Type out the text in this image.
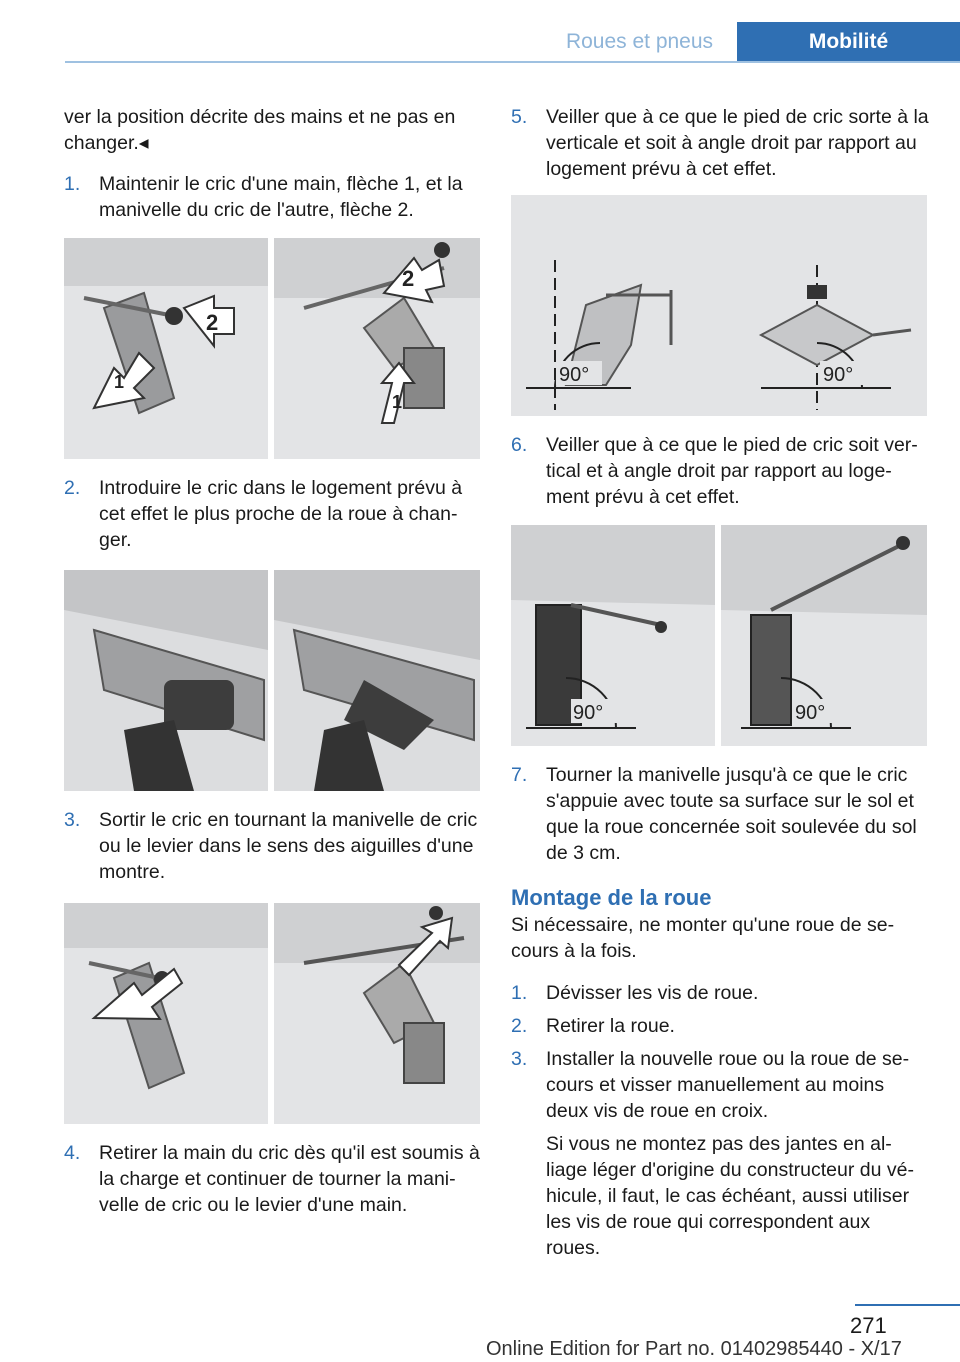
Roues et pneus	Mobilité

ver la position décrite des mains et ne pas en changer.◂

1. Maintenir le cric d'une main, flèche 1, et la manivelle du cric de l'autre, flèche 2.
2
1
2
1
2. Introduire le cric dans le logement prévu à cet effet le plus proche de la roue à chan‐ ger.
3. Sortir le cric en tournant la manivelle de cric ou le levier dans le sens des aiguilles d'une montre.
4. Retirer la main du cric dès qu'il est soumis à la charge et continuer de tourner la mani‐ velle de cric ou le levier d'une main.
5. Veiller que à ce que le pied de cric sorte à la verticale et soit à angle droit par rapport au logement prévu à cet effet.
90°	90°
6. Veiller que à ce que le pied de cric soit ver‐ tical et à angle droit par rapport au loge‐ ment prévu à cet effet.
90°	90°
7. Tourner la manivelle jusqu'à ce que le cric s'appuie avec toute sa surface sur le sol et que la roue concernée soit soulevée du sol de 3 cm.
Montage de la roue

Si nécessaire, ne monter qu'une roue de se‐ cours à la fois.

1. Dévisser les vis de roue.
2. Retirer la roue.
3. Installer la nouvelle roue ou la roue de se‐ cours et visser manuellement au moins deux vis de roue en croix.

Si vous ne montez pas des jantes en al‐ liage léger d'origine du constructeur du vé‐ hicule, il faut, le cas échéant, aussi utiliser les vis de roue qui correspondent aux roues.

271
Online Edition for Part no. 01402985440 - X/17
